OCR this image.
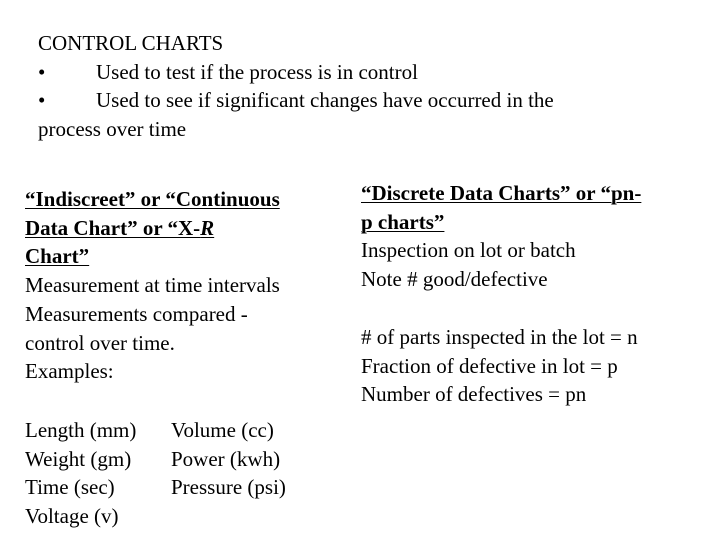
CONTROL CHARTS
• Used to test if the process is in control
• Used to see if significant changes have occurred in the
process over time
“Indiscreet” or “Continuous
Data Chart” or “X-R
Chart”
Measurement at time intervals
Measurements compared -
control over time.
Examples:
Length (mm)	Volume (cc)
Weight (gm)	Power (kwh)
Time (sec)	Pressure (psi)
Voltage (v)
“Discrete Data Charts” or “pn-
p charts”
Inspection on lot or batch
Note # good/defective
# of parts inspected in the lot = n
Fraction of defective in lot = p
Number of defectives = pn
